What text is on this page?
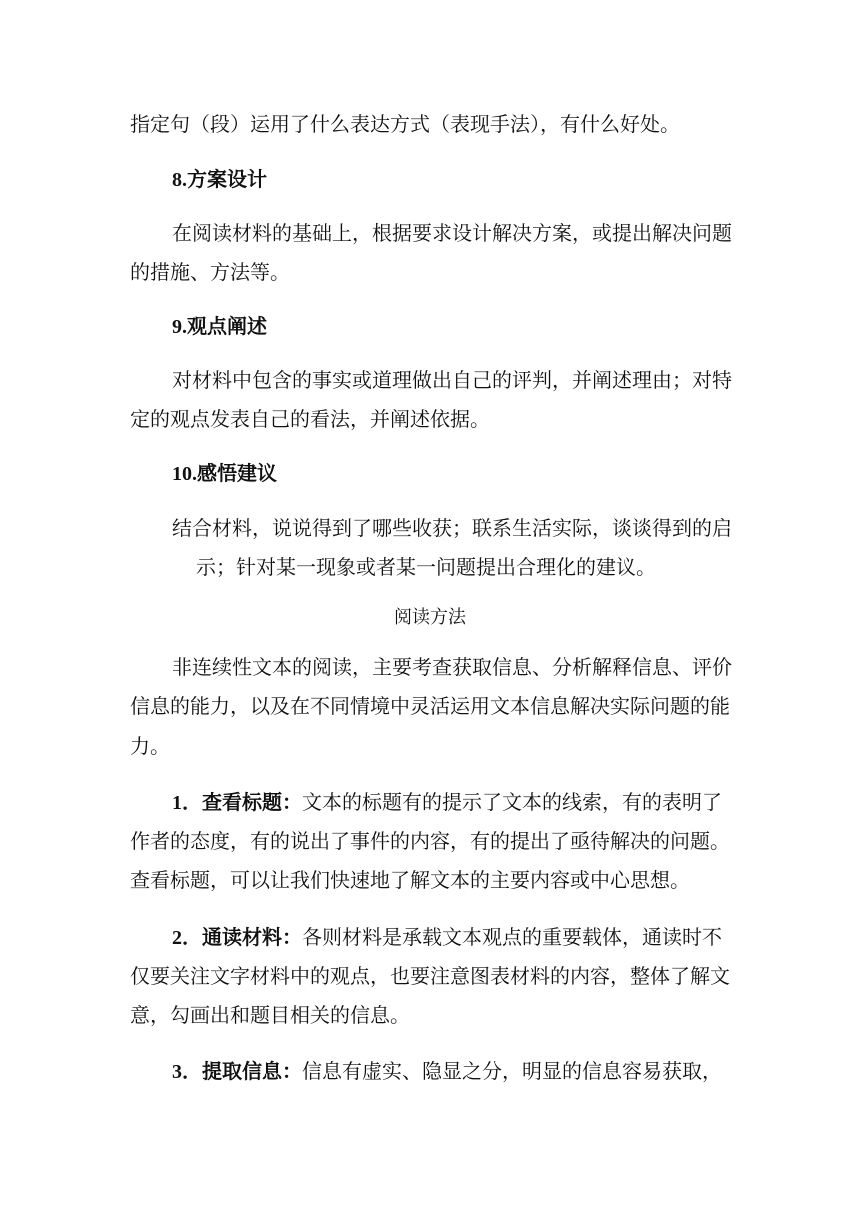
指定句（段）运用了什么表达方式（表现手法），有什么好处。

8.方案设计

在阅读材料的基础上，根据要求设计解决方案，或提出解决问题

的措施、方法等。

9.观点阐述

对材料中包含的事实或道理做出自己的评判，并阐述理由；对特

定的观点发表自己的看法，并阐述依据。

10.感悟建议

结合材料，说说得到了哪些收获；联系生活实际，谈谈得到的启

示；针对某一现象或者某一问题提出合理化的建议。

阅读方法

非连续性文本的阅读，主要考查获取信息、分析解释信息、评价

信息的能力，以及在不同情境中灵活运用文本信息解决实际问题的能

力。

1．查看标题：文本的标题有的提示了文本的线索，有的表明了

作者的态度，有的说出了事件的内容，有的提出了亟待解决的问题。

查看标题，可以让我们快速地了解文本的主要内容或中心思想。

2．通读材料：各则材料是承载文本观点的重要载体，通读时不

仅要关注文字材料中的观点，也要注意图表材料的内容，整体了解文

意，勾画出和题目相关的信息。

3．提取信息：信息有虚实、隐显之分，明显的信息容易获取，
